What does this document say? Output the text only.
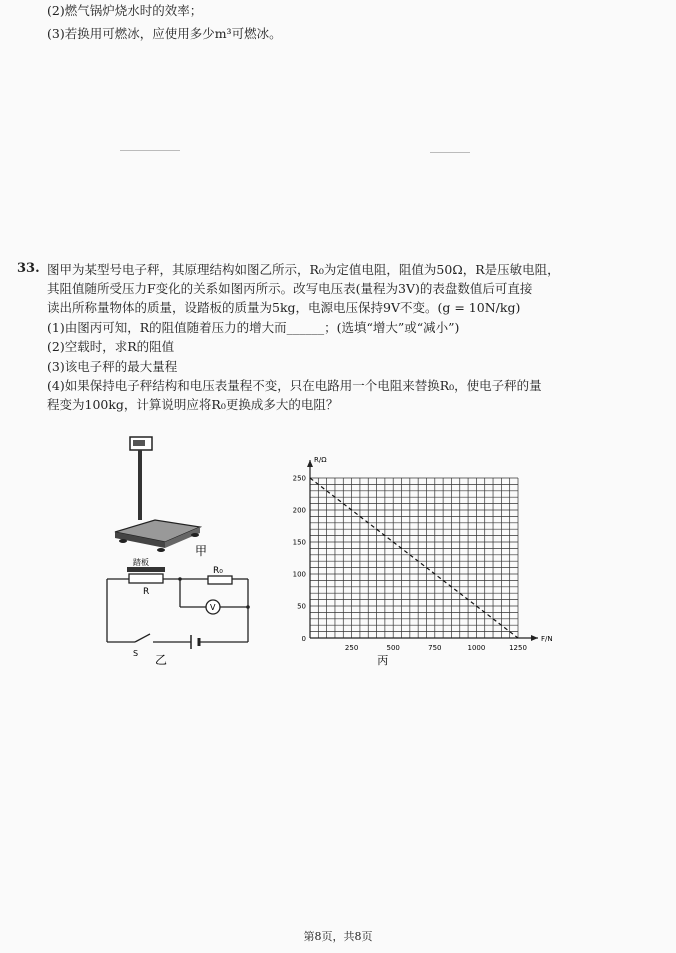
(2)燃气锅炉烧水时的效率；
(3)若换用可燃冰，应使用多少m³可燃冰。
33. 图甲为某型号电子秤，其原理结构如图乙所示，R₀为定值电阻，阻值为50Ω，R是压敏电阻，
其阻值随所受压力F变化的关系如图丙所示。改写电压表(量程为3V)的表盘数值后可直接
读出所称量物体的质量，设踏板的质量为5kg，电源电压保持9V不变。(g = 10N/kg)
(1)由图丙可知，R的阻值随着压力的增大而______；(选填“增大”或“减小”)
(2)空载时，求R的阻值
(3)该电子秤的最大量程
(4)如果保持电子秤结构和电压表量程不变，只在电路用一个电阻来替换R₀，使电子秤的量
程变为100kg，计算说明应将R₀更换成多大的电阻？
甲
踏板
R
R₀
V
S 乙
250	500	750	1000	1250
250
200
150
100
50
0	F/N
R/Ω
丙
第8页，共8页
